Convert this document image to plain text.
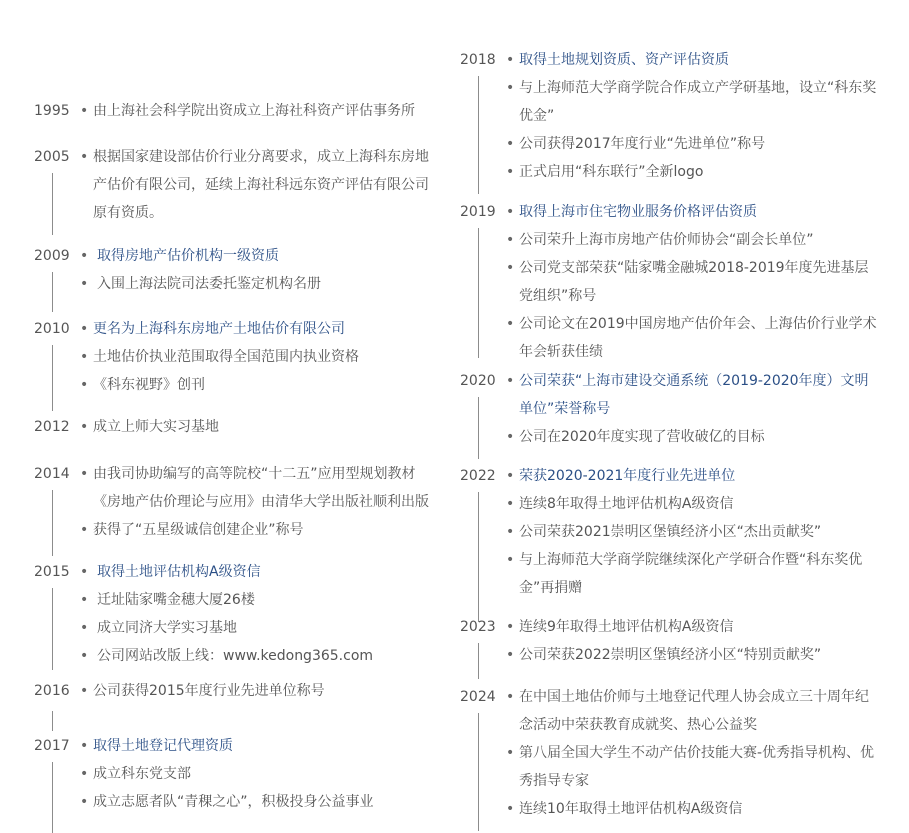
1995 • 由上海社会科学院出资成立上海社科资产评估事务所
2005 • 根据国家建设部估价行业分离要求，成立上海科东房地产估价有限公司，延续上海社科远东资产评估有限公司原有资质。
2009 • 取得房地产估价机构一级资质
• 入围上海法院司法委托鉴定机构名册
2010 • 更名为上海科东房地产土地估价有限公司
• 土地估价执业范围取得全国范围内执业资格
• 《科东视野》创刊
2012 • 成立上师大实习基地
2014 • 由我司协助编写的高等院校“十二五”应用型规划教材《房地产估价理论与应用》由清华大学出版社顺利出版
• 获得了“五星级诚信创建企业”称号
2015 • 取得土地评估机构A级资信
• 迁址陆家嘴金穗大厦26楼
• 成立同济大学实习基地
• 公司网站改版上线：www.kedong365.com
2016 • 公司获得2015年度行业先进单位称号
2017 • 取得土地登记代理资质
• 成立科东党支部
• 成立志愿者队“青稞之心”，积极投身公益事业
2018 • 取得土地规划资质、资产评估资质
• 与上海师范大学商学院合作成立产学研基地，设立“科东奖优金”
• 公司获得2017年度行业“先进单位”称号
• 正式启用“科东联行”全新logo
2019 • 取得上海市住宅物业服务价格评估资质
• 公司荣升上海市房地产估价师协会“副会长单位”
• 公司党支部荣获“陆家嘴金融城2018-2019年度先进基层党组织”称号
• 公司论文在2019中国房地产估价年会、上海估价行业学术年会斩获佳绩
2020 • 公司荣获“上海市建设交通系统（2019-2020年度）文明单位”荣誉称号
• 公司在2020年度实现了营收破亿的目标
2022 • 荣获2020-2021年度行业先进单位
• 连续8年取得土地评估机构A级资信
• 公司荣获2021崇明区堡镇经济小区“杰出贡献奖”
• 与上海师范大学商学院继续深化产学研合作暨“科东奖优金”再捐赠
2023 • 连续9年取得土地评估机构A级资信
• 公司荣获2022崇明区堡镇经济小区“特别贡献奖”
2024 • 在中国土地估价师与土地登记代理人协会成立三十周年纪念活动中荣获教育成就奖、热心公益奖
• 第八届全国大学生不动产估价技能大赛-优秀指导机构、优秀指导专家
• 连续10年取得土地评估机构A级资信
